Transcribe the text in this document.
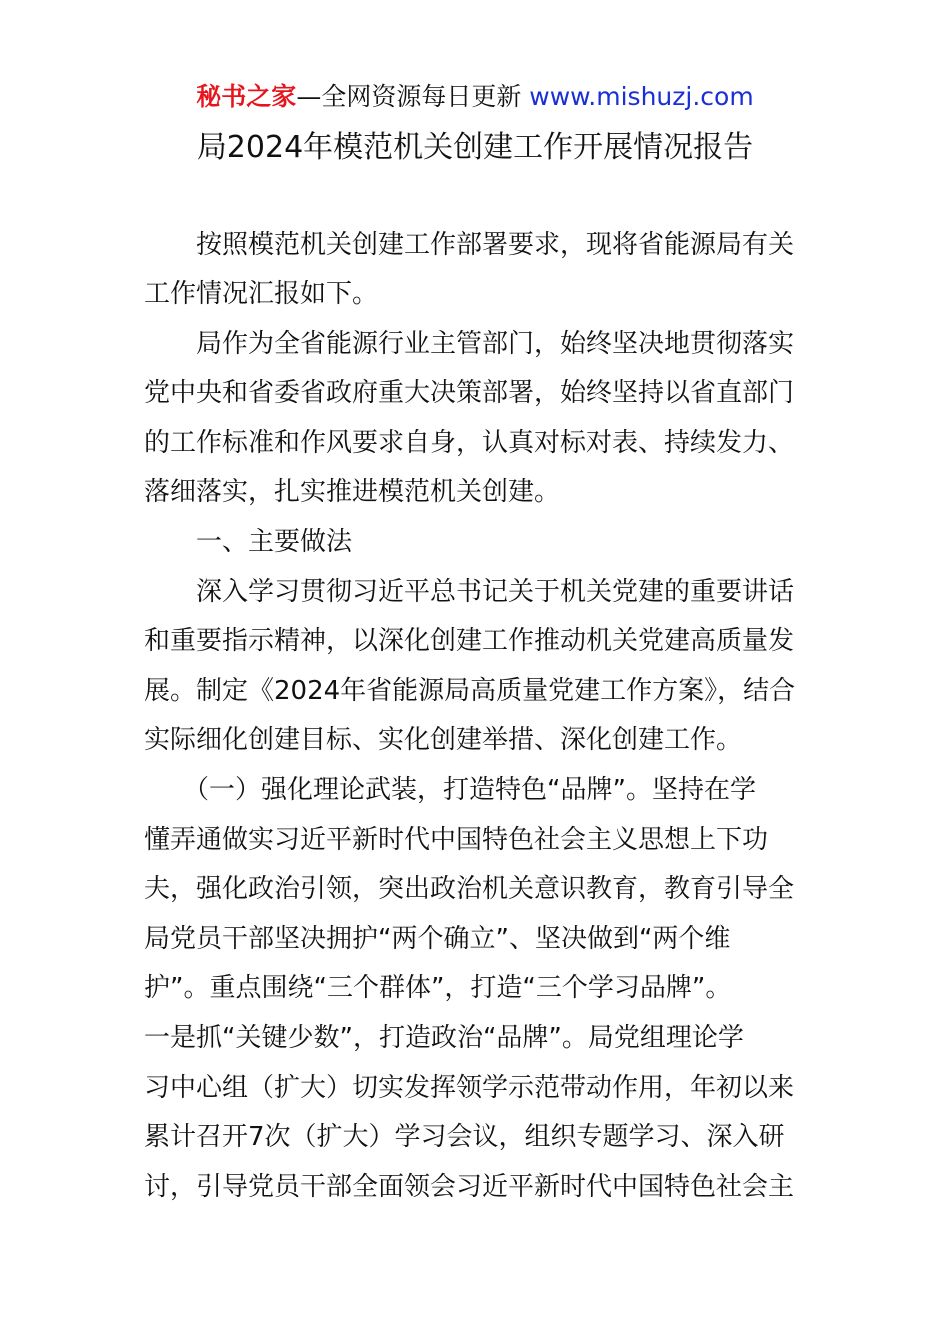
秘书之家—全网资源每日更新 www.mishuzj.com
局2024年模范机关创建工作开展情况报告
　　按照模范机关创建工作部署要求，现将省能源局有关
工作情况汇报如下。
　　局作为全省能源行业主管部门，始终坚决地贯彻落实
党中央和省委省政府重大决策部署，始终坚持以省直部门
的工作标准和作风要求自身，认真对标对表、持续发力、
落细落实，扎实推进模范机关创建。
　　一、主要做法
　　深入学习贯彻习近平总书记关于机关党建的重要讲话
和重要指示精神，以深化创建工作推动机关党建高质量发
展。制定《2024年省能源局高质量党建工作方案》，结合
实际细化创建目标、实化创建举措、深化创建工作。
　　（一）强化理论武装，打造特色“品牌”。坚持在学
懂弄通做实习近平新时代中国特色社会主义思想上下功
夫，强化政治引领，突出政治机关意识教育，教育引导全
局党员干部坚决拥护“两个确立”、坚决做到“两个维
护”。重点围绕“三个群体”，打造“三个学习品牌”。
一是抓“关键少数”，打造政治“品牌”。局党组理论学
习中心组（扩大）切实发挥领学示范带动作用，年初以来
累计召开7次（扩大）学习会议，组织专题学习、深入研
讨，引导党员干部全面领会习近平新时代中国特色社会主
